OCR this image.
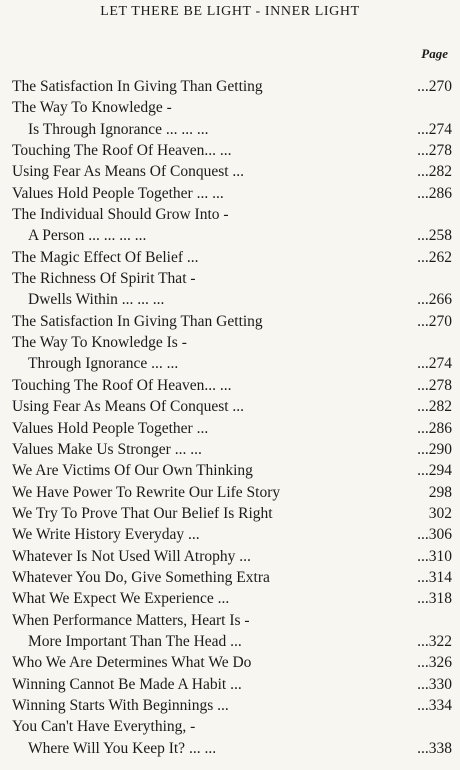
LET THERE BE LIGHT - INNER LIGHT
Page
The Satisfaction In Giving Than Getting	...270
The Way To Knowledge -
Is Through Ignorance ... ... ...	...274
Touching The Roof Of Heaven... ...	...278
Using Fear As Means Of Conquest ...	...282
Values Hold People Together ... ...	...286
The Individual Should Grow Into -
A Person ... ... ... ...	...258
The Magic Effect Of Belief ...	...262
The Richness Of Spirit That -
Dwells Within ... ... ...	...266
The Satisfaction In Giving Than Getting	...270
The Way To Knowledge Is -
Through Ignorance ... ...	...274
Touching The Roof Of Heaven... ...	...278
Using Fear As Means Of Conquest ...	...282
Values Hold People Together ...	...286
Values Make Us Stronger ... ...	...290
We Are Victims Of Our Own Thinking	...294
We Have Power To Rewrite Our Life Story	298
We Try To Prove That Our Belief Is Right	302
We Write History Everyday ...	...306
Whatever Is Not Used Will Atrophy ...	...310
Whatever You Do, Give Something Extra	...314
What We Expect We Experience ...	...318
When Performance Matters, Heart Is -
More Important Than The Head ...	...322
Who We Are Determines What We Do	...326
Winning Cannot Be Made A Habit ...	...330
Winning Starts With Beginnings ...	...334
You Can't Have Everything, -
Where Will You Keep It? ... ...	...338
